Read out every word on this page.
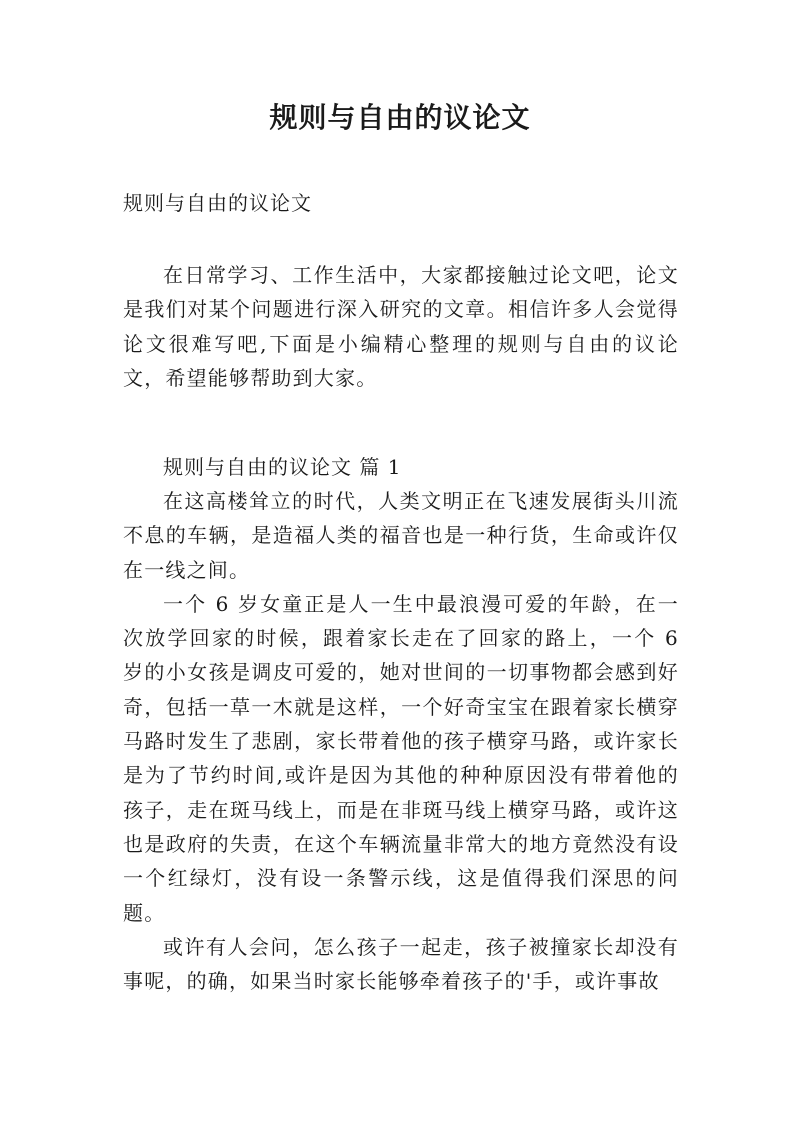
规则与自由的议论文

规则与自由的议论文

在日常学习、工作生活中，大家都接触过论文吧，论文是我们对某个问题进行深入研究的文章。相信许多人会觉得论文很难写吧,下面是小编精心整理的规则与自由的议论文，希望能够帮助到大家。

规则与自由的议论文 篇 1

在这高楼耸立的时代，人类文明正在飞速发展街头川流不息的车辆，是造福人类的福音也是一种行货，生命或许仅在一线之间。

一个 6 岁女童正是人一生中最浪漫可爱的年龄，在一次放学回家的时候，跟着家长走在了回家的路上，一个 6 岁的小女孩是调皮可爱的，她对世间的一切事物都会感到好奇，包括一草一木就是这样，一个好奇宝宝在跟着家长横穿马路时发生了悲剧，家长带着他的孩子横穿马路，或许家长是为了节约时间,或许是因为其他的种种原因没有带着他的孩子，走在斑马线上，而是在非斑马线上横穿马路，或许这也是政府的失责，在这个车辆流量非常大的地方竟然没有设一个红绿灯，没有设一条警示线，这是值得我们深思的问题。

或许有人会问，怎么孩子一起走，孩子被撞家长却没有事呢，的确，如果当时家长能够牵着孩子的'手，或许事故
